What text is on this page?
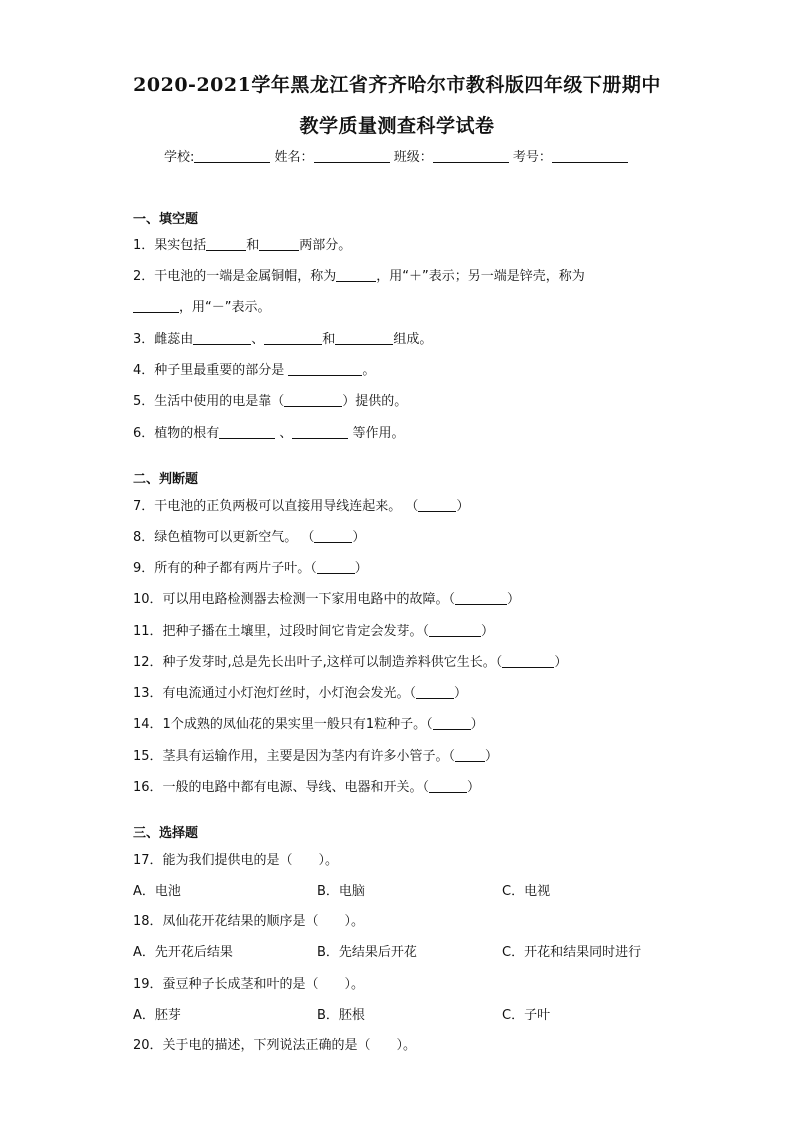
2020-2021学年黑龙江省齐齐哈尔市教科版四年级下册期中
教学质量测查科学试卷
学校:	姓名：	班级：	考号：
一、填空题
1．果实包括	和	两部分。
2．干电池的一端是金属铜帽，称为	，用“＋”表示；另一端是锌壳，称为
，用“－”表示。
3．雌蕊由	、	和	组成。
4．种子里最重要的部分是	。
5．生活中使用的电是靠（	）提供的。
6．植物的根有	、	等作用。
二、判断题
7．干电池的正负两极可以直接用导线连起来。 （	）
8．绿色植物可以更新空气。 （	）
9．所有的种子都有两片子叶。（	）
10．可以用电路检测器去检测一下家用电路中的故障。（	）
11．把种子播在土壤里，过段时间它肯定会发芽。（	）
12．种子发芽时,总是先长出叶子,这样可以制造养料供它生长。（	）
13．有电流通过小灯泡灯丝时，小灯泡会发光。（	）
14．1个成熟的凤仙花的果实里一般只有1粒种子。（	）
15．茎具有运输作用，主要是因为茎内有许多小管子。（ ）
16．一般的电路中都有电源、导线、电器和开关。（	）
三、选择题
17．能为我们提供电的是（　　）。
A．电池	B．电脑	C．电视
18．凤仙花开花结果的顺序是（　　）。
A．先开花后结果	B．先结果后开花	C．开花和结果同时进行
19．蚕豆种子长成茎和叶的是（　　）。
A．胚芽	B．胚根	C．子叶
20．关于电的描述，下列说法正确的是（　　）。
